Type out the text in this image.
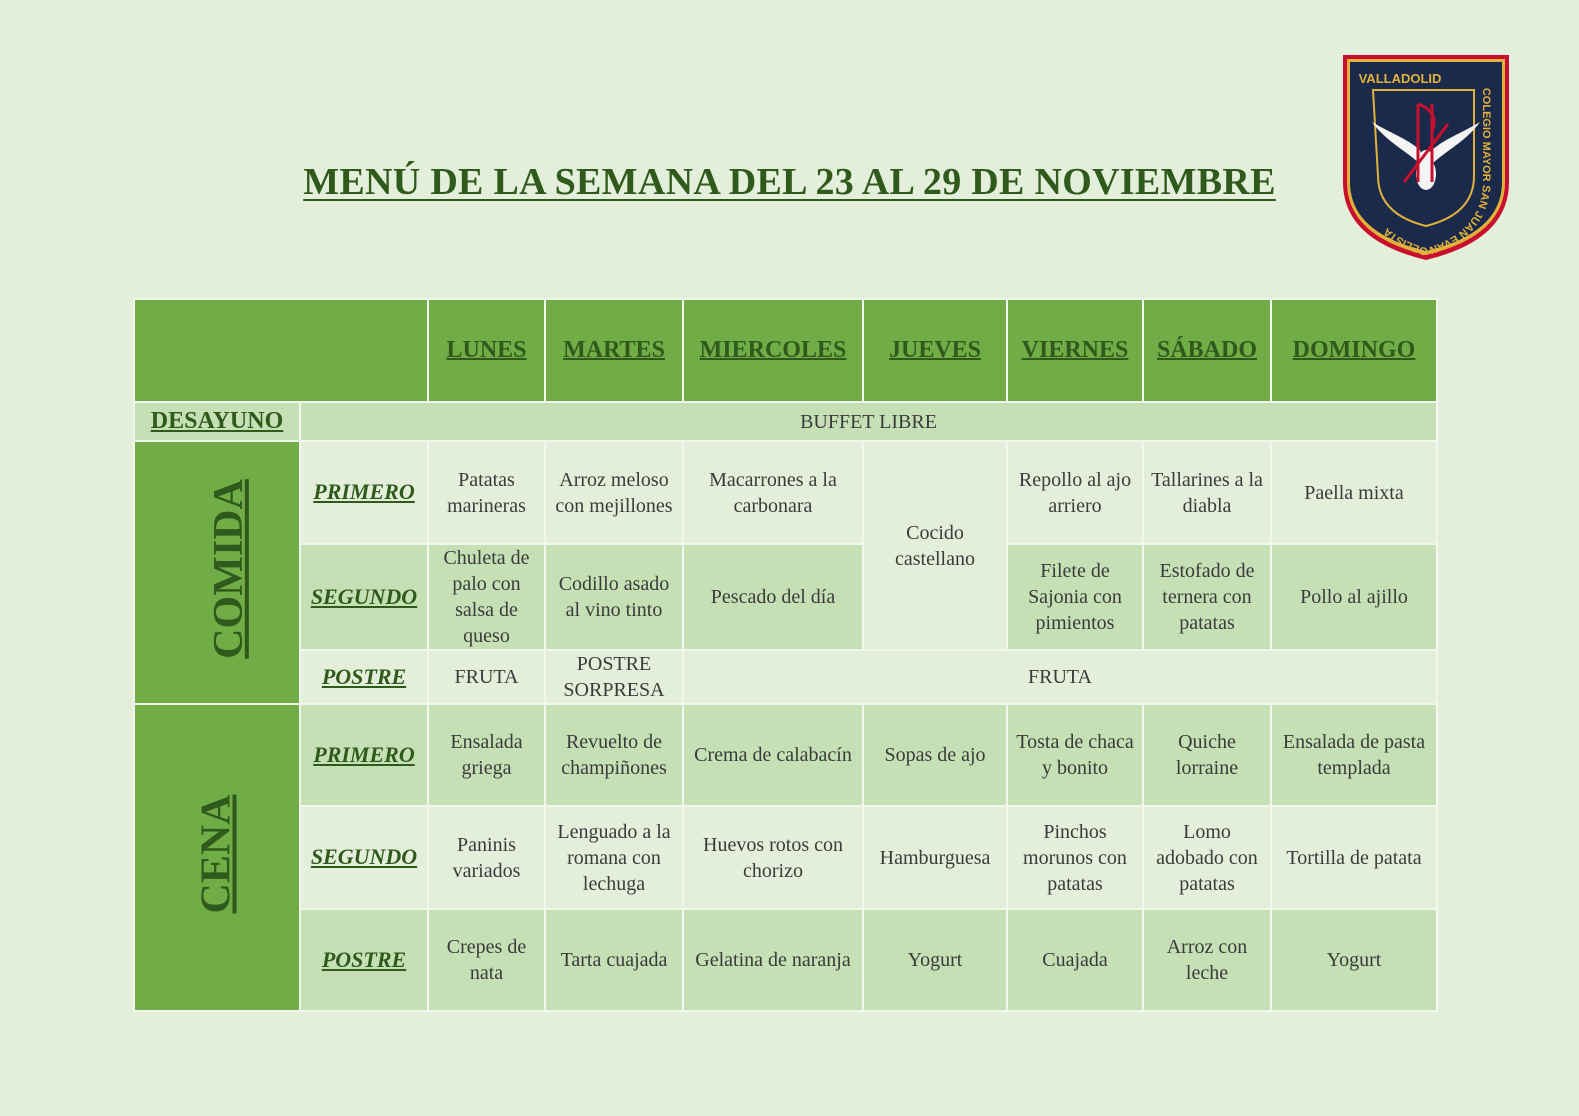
MENÚ DE LA SEMANA DEL 23 AL 29 DE NOVIEMBRE
VALLADOLID
COLEGIO MAYOR SAN JUAN EVANGELISTA
		LUNES	MARTES	MIERCOLES	JUEVES	VIERNES	SÁBADO	DOMINGO
DESAYUNO	BUFFET LIBRE							
COMIDA	PRIMERO	Patatas marineras	Arroz meloso con mejillones	Macarrones a la carbonara	Cocido castellano	Repollo al ajo arriero	Tallarines a la diabla	Paella mixta
	SEGUNDO	Chuleta de palo con salsa de queso	Codillo asado al vino tinto	Pescado del día		Filete de Sajonia con pimientos	Estofado de ternera con patatas	Pollo al ajillo
	POSTRE	FRUTA	POSTRE SORPRESA	FRUTA				
CENA	PRIMERO	Ensalada griega	Revuelto de champiñones	Crema de calabacín	Sopas de ajo	Tosta de chaca y bonito	Quiche lorraine	Ensalada de pasta templada
	SEGUNDO	Paninis variados	Lenguado a la romana con lechuga	Huevos rotos con chorizo	Hamburguesa	Pinchos morunos con patatas	Lomo adobado con patatas	Tortilla de patata
	POSTRE	Crepes de nata	Tarta cuajada	Gelatina de naranja	Yogurt	Cuajada	Arroz con leche	Yogurt
